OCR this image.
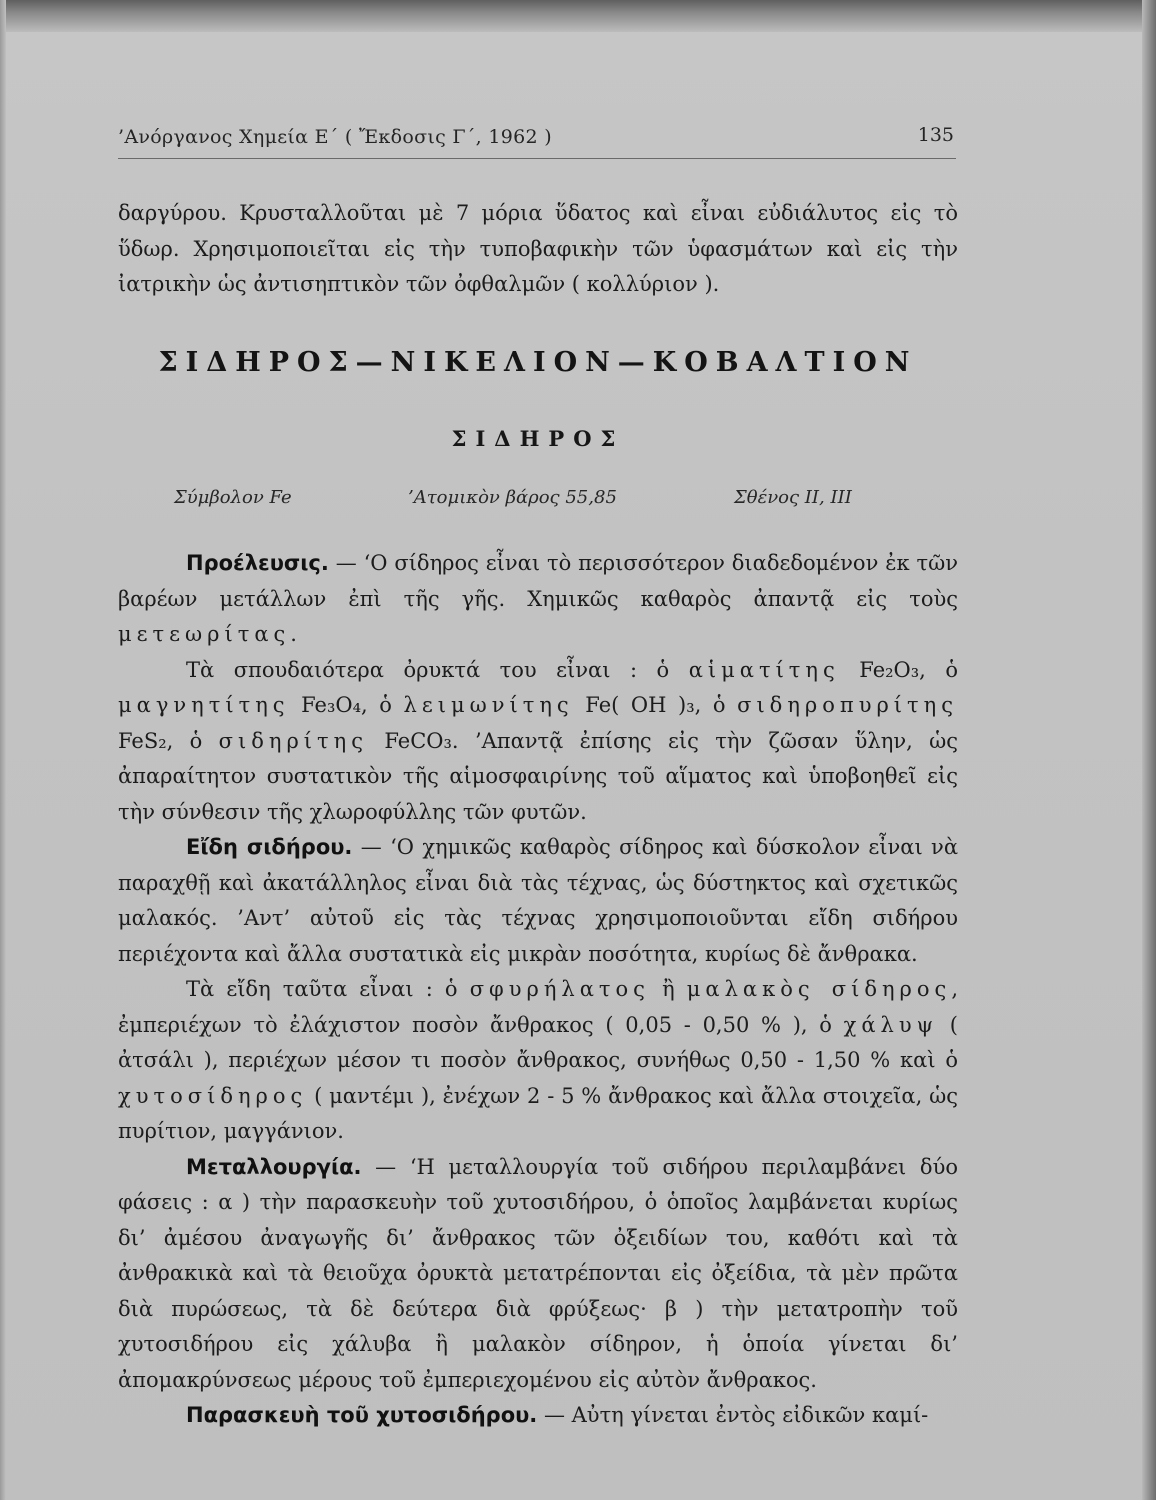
’Ανόργανος Χημεία Ε΄ ( Ἔκδοσις Γ΄, 1962 )	135

δαργύρου. Κρυσταλλοῦται μὲ 7 μόρια ὕδατος καὶ εἶναι εὐδιάλυτος εἰς τὸ ὕδωρ. Χρησιμοποιεῖται εἰς τὴν τυποβαφικὴν τῶν ὑφασμάτων καὶ εἰς τὴν ἰατρικὴν ὡς ἀντισηπτικὸν τῶν ὀφθαλμῶν ( κολλύριον ).

ΣΙΔΗΡΟΣ—ΝΙΚΕΛΙΟΝ—ΚΟΒΑΛΤΙΟΝ
ΣΙΔΗΡΟΣ
Σύμβολον Fe	’Ατομικὸν βάρος 55,85	Σθένος II, III

Προέλευσις. — ‘Ο σίδηρος εἶναι τὸ περισσότερον διαδεδομένον ἐκ τῶν βαρέων μετάλλων ἐπὶ τῆς γῆς. Χημικῶς καθαρὸς ἀπαντᾷ εἰς τοὺς μετεωρίτας.

Τὰ σπουδαιότερα ὀρυκτά του εἶναι : ὁ αἱματίτης Fe₂O₃, ὁ μαγνητίτης Fe₃O₄, ὁ λειμωνίτης Fe( OH )₃, ὁ σιδηροπυρίτης FeS₂, ὁ σιδηρίτης FeCO₃. ’Απαντᾷ ἐπίσης εἰς τὴν ζῶσαν ὕλην, ὡς ἀπαραίτητον συστατικὸν τῆς αἱμοσφαιρίνης τοῦ αἵματος καὶ ὑποβοηθεῖ εἰς τὴν σύνθεσιν τῆς χλωροφύλλης τῶν φυτῶν.

Εἴδη σιδήρου. — ‘Ο χημικῶς καθαρὸς σίδηρος καὶ δύσκολον εἶναι νὰ παραχθῇ καὶ ἀκατάλληλος εἶναι διὰ τὰς τέχνας, ὡς δύστηκτος καὶ σχετικῶς μαλακός. ’Αντ’ αὐτοῦ εἰς τὰς τέχνας χρησιμοποιοῦνται εἴδη σιδήρου περιέχοντα καὶ ἄλλα συστατικὰ εἰς μικρὰν ποσότητα, κυρίως δὲ ἄνθρακα.

Τὰ εἴδη ταῦτα εἶναι : ὁ σφυρήλατος ἢ μαλακὸς σίδηρος, ἐμπεριέχων τὸ ἐλάχιστον ποσὸν ἄνθρακος ( 0,05 - 0,50 % ), ὁ χάλυψ ( ἀτσάλι ), περιέχων μέσον τι ποσὸν ἄνθρακος, συνήθως 0,50 - 1,50 % καὶ ὁ χυτοσίδηρος ( μαντέμι ), ἐνέχων 2 - 5 % ἄνθρακος καὶ ἄλλα στοιχεῖα, ὡς πυρίτιον, μαγγάνιον.

Μεταλλουργία. — ‘Η μεταλλουργία τοῦ σιδήρου περιλαμβάνει δύο φάσεις : α ) τὴν παρασκευὴν τοῦ χυτοσιδήρου, ὁ ὁποῖος λαμβάνεται κυρίως δι’ ἀμέσου ἀναγωγῆς δι’ ἄνθρακος τῶν ὀξειδίων του, καθότι καὶ τὰ ἀνθρακικὰ καὶ τὰ θειοῦχα ὀρυκτὰ μετατρέπονται εἰς ὀξείδια, τὰ μὲν πρῶτα διὰ πυρώσεως, τὰ δὲ δεύτερα διὰ φρύξεως· β ) τὴν μετατροπὴν τοῦ χυτοσιδήρου εἰς χάλυβα ἢ μαλακὸν σίδηρον, ἡ ὁποία γίνεται δι’ ἀπομακρύνσεως μέρους τοῦ ἐμπεριεχομένου εἰς αὐτὸν ἄνθρακος.

Παρασκευὴ τοῦ χυτοσιδήρου. — Αὐτη γίνεται ἐντὸς εἰδικῶν καμί-
